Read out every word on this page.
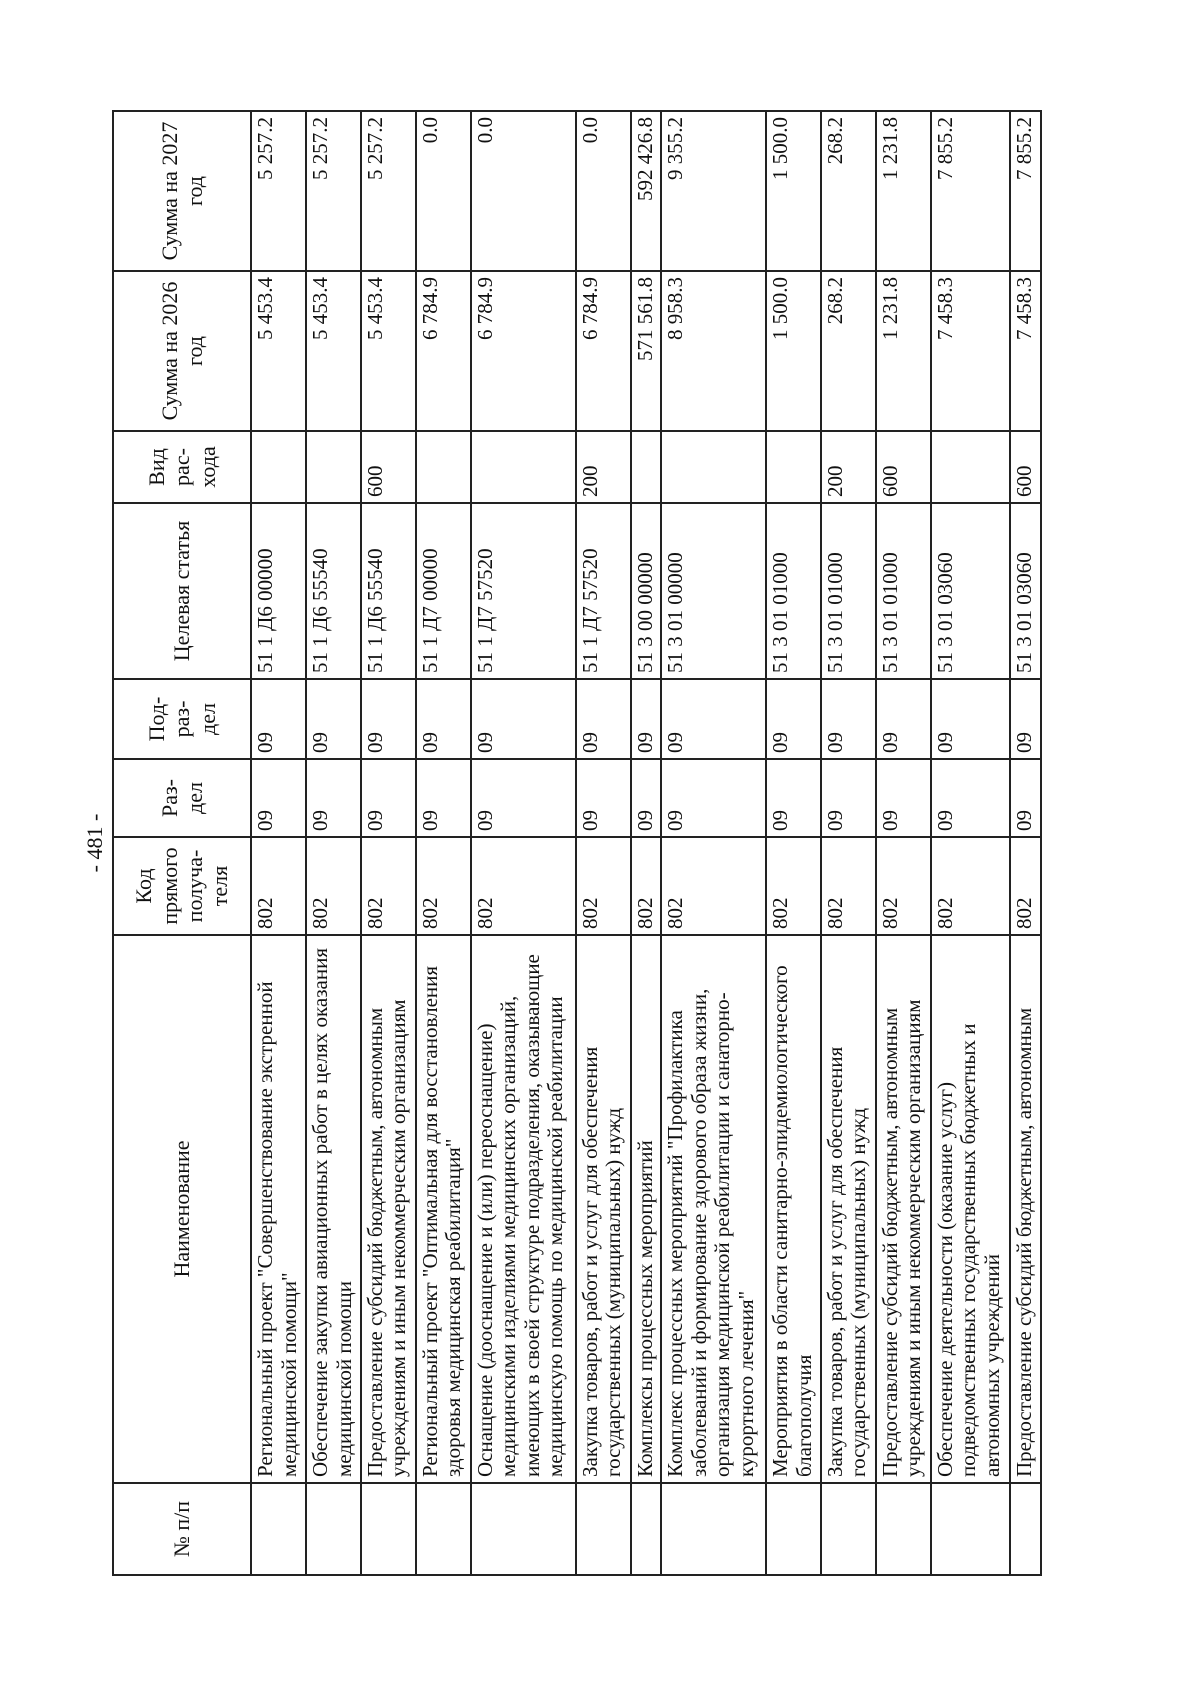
- 481 -
№ п/п	Наименование	Код прямого получа-теля	Раз-дел	Под-раз-дел	Целевая статья	Вид рас-хода	Сумма на 2026 год	Сумма на 2027 год
	Региональный проект "Совершенствование экстренной медицинской помощи"	802	09	09	51 1 Д6 00000		5 453.4	5 257.2
	Обеспечение закупки авиационных работ в целях оказания медицинской помощи	802	09	09	51 1 Д6 55540		5 453.4	5 257.2
	Предоставление субсидий бюджетным, автономным учреждениям и иным некоммерческим организациям	802	09	09	51 1 Д6 55540	600	5 453.4	5 257.2
	Региональный проект "Оптимальная для восстановления здоровья медицинская реабилитация"	802	09	09	51 1 Д7 00000		6 784.9	0.0
	Оснащение (дооснащение и (или) переоснащение) медицинскими изделиями медицинских организаций, имеющих в своей структуре подразделения, оказывающие медицинскую помощь по медицинской реабилитации	802	09	09	51 1 Д7 57520		6 784.9	0.0
	Закупка товаров, работ и услуг для обеспечения государственных (муниципальных) нужд	802	09	09	51 1 Д7 57520	200	6 784.9	0.0
	Комплексы процессных мероприятий	802	09	09	51 3 00 00000		571 561.8	592 426.8
	Комплекс процессных мероприятий "Профилактика заболеваний и формирование здорового образа жизни, организация медицинской реабилитации и санаторно-курортного лечения"	802	09	09	51 3 01 00000		8 958.3	9 355.2
	Мероприятия в области санитарно-эпидемиологического благополучия	802	09	09	51 3 01 01000		1 500.0	1 500.0
	Закупка товаров, работ и услуг для обеспечения государственных (муниципальных) нужд	802	09	09	51 3 01 01000	200	268.2	268.2
	Предоставление субсидий бюджетным, автономным учреждениям и иным некоммерческим организациям	802	09	09	51 3 01 01000	600	1 231.8	1 231.8
	Обеспечение деятельности (оказание услуг) подведомственных государственных бюджетных и автономных учреждений	802	09	09	51 3 01 03060		7 458.3	7 855.2
	Предоставление субсидий бюджетным, автономным	802	09	09	51 3 01 03060	600	7 458.3	7 855.2
